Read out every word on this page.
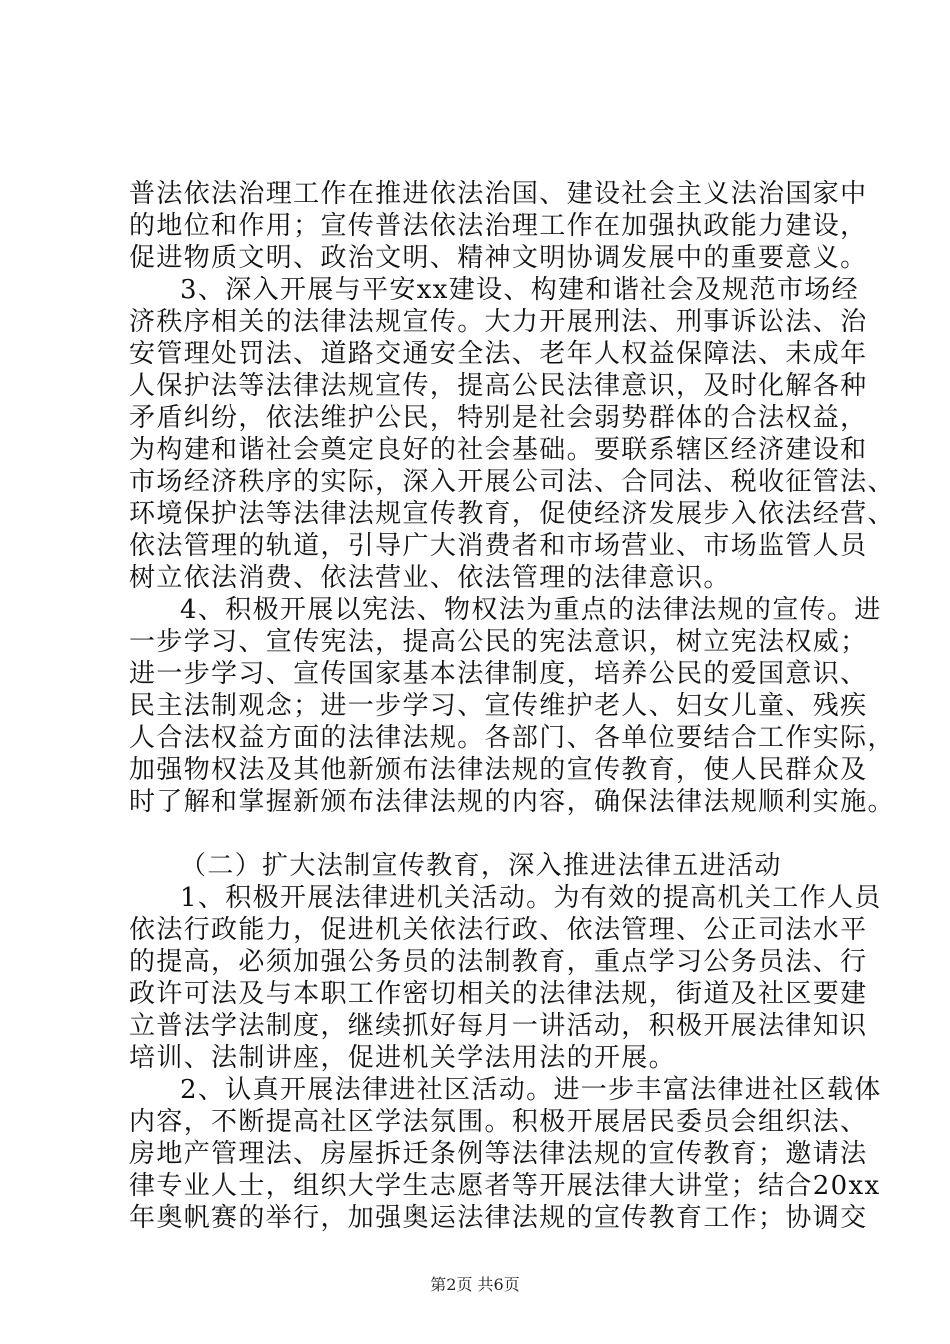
普法依法治理工作在推进依法治国、建设社会主义法治国家中
的地位和作用；宣传普法依法治理工作在加强执政能力建设，
促进物质文明、政治文明、精神文明协调发展中的重要意义。
3、深入开展与平安xx建设、构建和谐社会及规范市场经
济秩序相关的法律法规宣传。大力开展刑法、刑事诉讼法、治
安管理处罚法、道路交通安全法、老年人权益保障法、未成年
人保护法等法律法规宣传，提高公民法律意识，及时化解各种
矛盾纠纷，依法维护公民，特别是社会弱势群体的合法权益，
为构建和谐社会奠定良好的社会基础。要联系辖区经济建设和
市场经济秩序的实际，深入开展公司法、合同法、税收征管法、
环境保护法等法律法规宣传教育，促使经济发展步入依法经营、
依法管理的轨道，引导广大消费者和市场营业、市场监管人员
树立依法消费、依法营业、依法管理的法律意识。
4、积极开展以宪法、物权法为重点的法律法规的宣传。进
一步学习、宣传宪法，提高公民的宪法意识，树立宪法权威；
进一步学习、宣传国家基本法律制度，培养公民的爱国意识、
民主法制观念；进一步学习、宣传维护老人、妇女儿童、残疾
人合法权益方面的法律法规。各部门、各单位要结合工作实际，
加强物权法及其他新颁布法律法规的宣传教育，使人民群众及
时了解和掌握新颁布法律法规的内容，确保法律法规顺利实施。
（二）扩大法制宣传教育，深入推进法律五进活动
1、积极开展法律进机关活动。为有效的提高机关工作人员
依法行政能力，促进机关依法行政、依法管理、公正司法水平
的提高，必须加强公务员的法制教育，重点学习公务员法、行
政许可法及与本职工作密切相关的法律法规，街道及社区要建
立普法学法制度，继续抓好每月一讲活动，积极开展法律知识
培训、法制讲座，促进机关学法用法的开展。
2、认真开展法律进社区活动。进一步丰富法律进社区载体
内容，不断提高社区学法氛围。积极开展居民委员会组织法、
房地产管理法、房屋拆迁条例等法律法规的宣传教育；邀请法
律专业人士，组织大学生志愿者等开展法律大讲堂；结合20xx
年奥帆赛的举行，加强奥运法律法规的宣传教育工作；协调交
第2页 共6页
